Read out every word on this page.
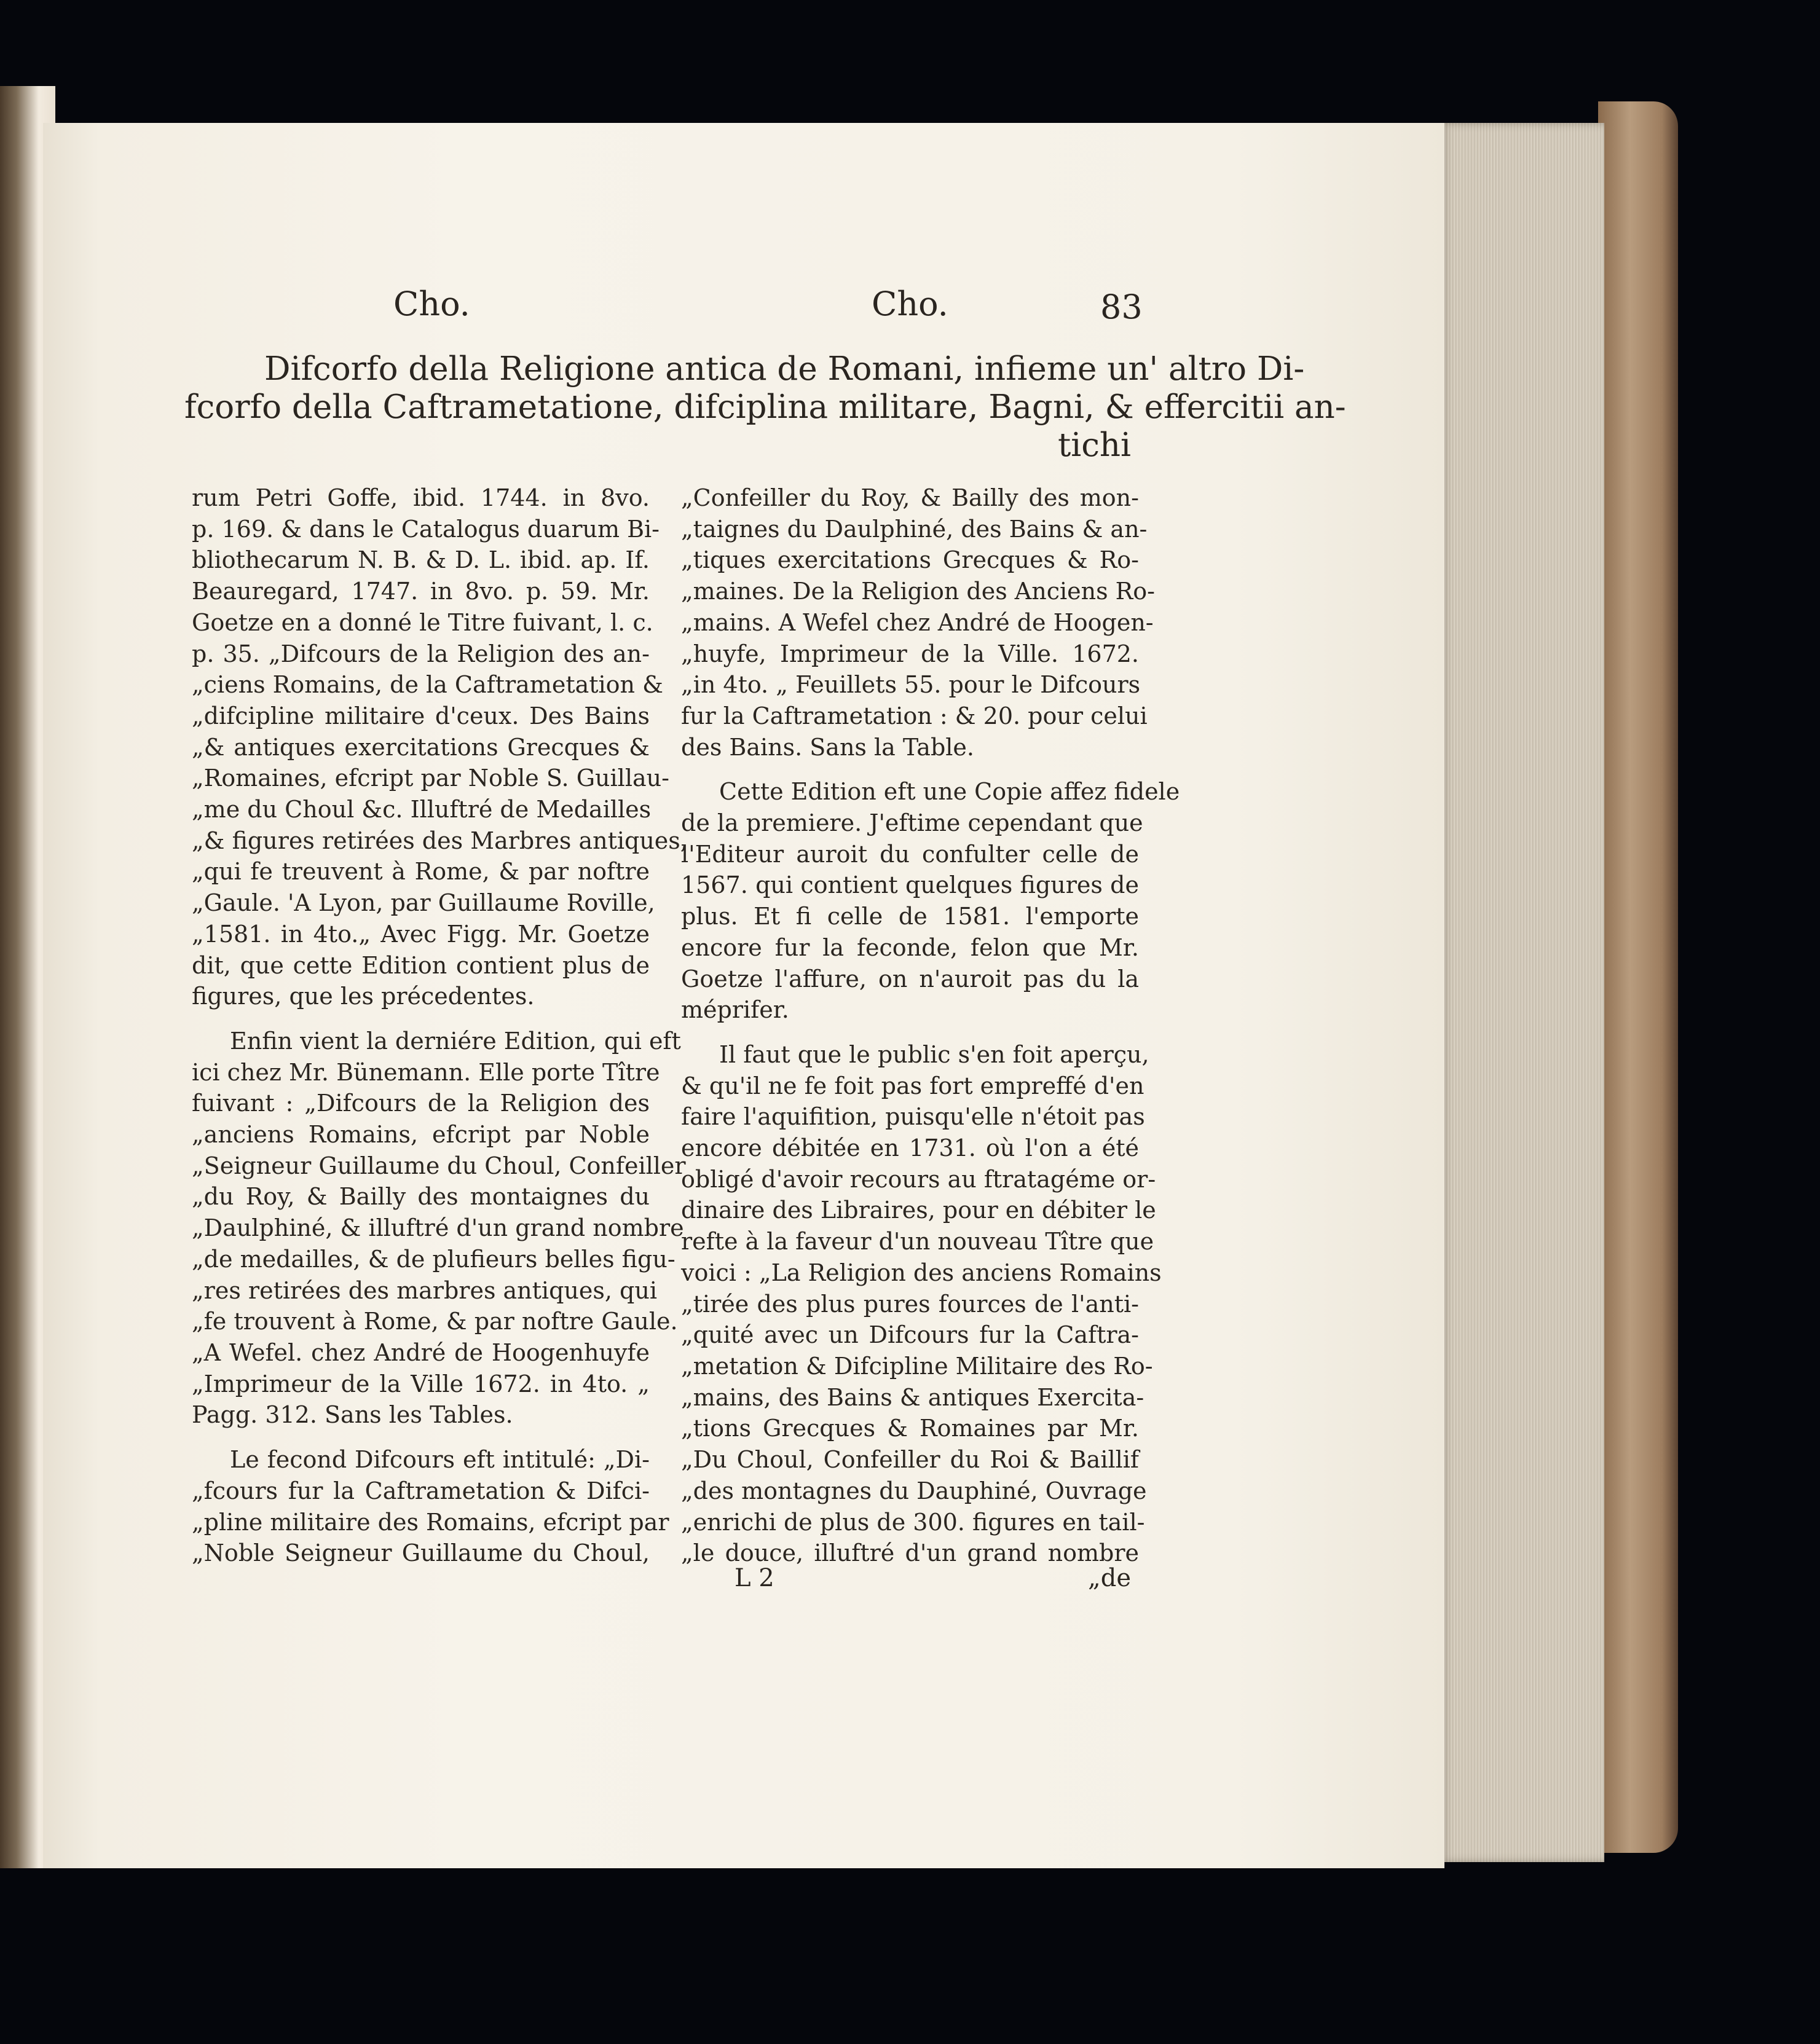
Cho.	Cho.	83
Difcorfo della Religione antica de Romani, infieme un' altro Di-
fcorfo della Caftrametatione, difciplina militare, Bagni, & effercitii an-
tichi
rum Petri Goffe, ibid. 1744. in 8vo.
p. 169. & dans le Catalogus duarum Bi-
bliothecarum N. B. & D. L. ibid. ap. If.
Beauregard, 1747. in 8vo. p. 59. Mr.
Goetze en a donné le Titre fuivant, l. c.
p. 35. „Difcours de la Religion des an-
„ciens Romains, de la Caftrametation &
„difcipline militaire d'ceux. Des Bains
„& antiques exercitations Grecques &
„Romaines, efcript par Noble S. Guillau-
„me du Choul &c. Illuftré de Medailles
„& figures retirées des Marbres antiques,
„qui fe treuvent à Rome, & par noftre
„Gaule. 'A Lyon, par Guillaume Roville,
„1581. in 4to.„ Avec Figg. Mr. Goetze
dit, que cette Edition contient plus de
figures, que les précedentes.
Enfin vient la derniére Edition, qui eft
ici chez Mr. Bünemann. Elle porte Tître
fuivant : „Difcours de la Religion des
„anciens Romains, efcript par Noble
„Seigneur Guillaume du Choul, Confeiller
„du Roy, & Bailly des montaignes du
„Daulphiné, & illuftré d'un grand nombre
„de medailles, & de plufieurs belles figu-
„res retirées des marbres antiques, qui
„fe trouvent à Rome, & par noftre Gaule.
„A Wefel. chez André de Hoogenhuyfe
„Imprimeur de la Ville 1672. in 4to. „
Pagg. 312. Sans les Tables.
Le fecond Difcours eft intitulé: „Di-
„fcours fur la Caftrametation & Difci-
„pline militaire des Romains, efcript par
„Noble Seigneur Guillaume du Choul,
„Confeiller du Roy, & Bailly des mon-
„taignes du Daulphiné, des Bains & an-
„tiques exercitations Grecques & Ro-
„maines. De la Religion des Anciens Ro-
„mains. A Wefel chez André de Hoogen-
„huyfe, Imprimeur de la Ville. 1672.
„in 4to. „ Feuillets 55. pour le Difcours
fur la Caftrametation : & 20. pour celui
des Bains. Sans la Table.
Cette Edition eft une Copie affez fidele
de la premiere. J'eftime cependant que
l'Editeur auroit du confulter celle de
1567. qui contient quelques figures de
plus. Et fi celle de 1581. l'emporte
encore fur la feconde, felon que Mr.
Goetze l'affure, on n'auroit pas du la
méprifer.
Il faut que le public s'en foit aperçu,
& qu'il ne fe foit pas fort empreffé d'en
faire l'aquifition, puisqu'elle n'étoit pas
encore débitée en 1731. où l'on a été
obligé d'avoir recours au ftratagéme or-
dinaire des Libraires, pour en débiter le
refte à la faveur d'un nouveau Tître que
voici : „La Religion des anciens Romains
„tirée des plus pures fources de l'anti-
„quité avec un Difcours fur la Caftra-
„metation & Difcipline Militaire des Ro-
„mains, des Bains & antiques Exercita-
„tions Grecques & Romaines par Mr.
„Du Choul, Confeiller du Roi & Baillif
„des montagnes du Dauphiné, Ouvrage
„enrichi de plus de 300. figures en tail-
„le douce, illuftré d'un grand nombre
L 2	„de
